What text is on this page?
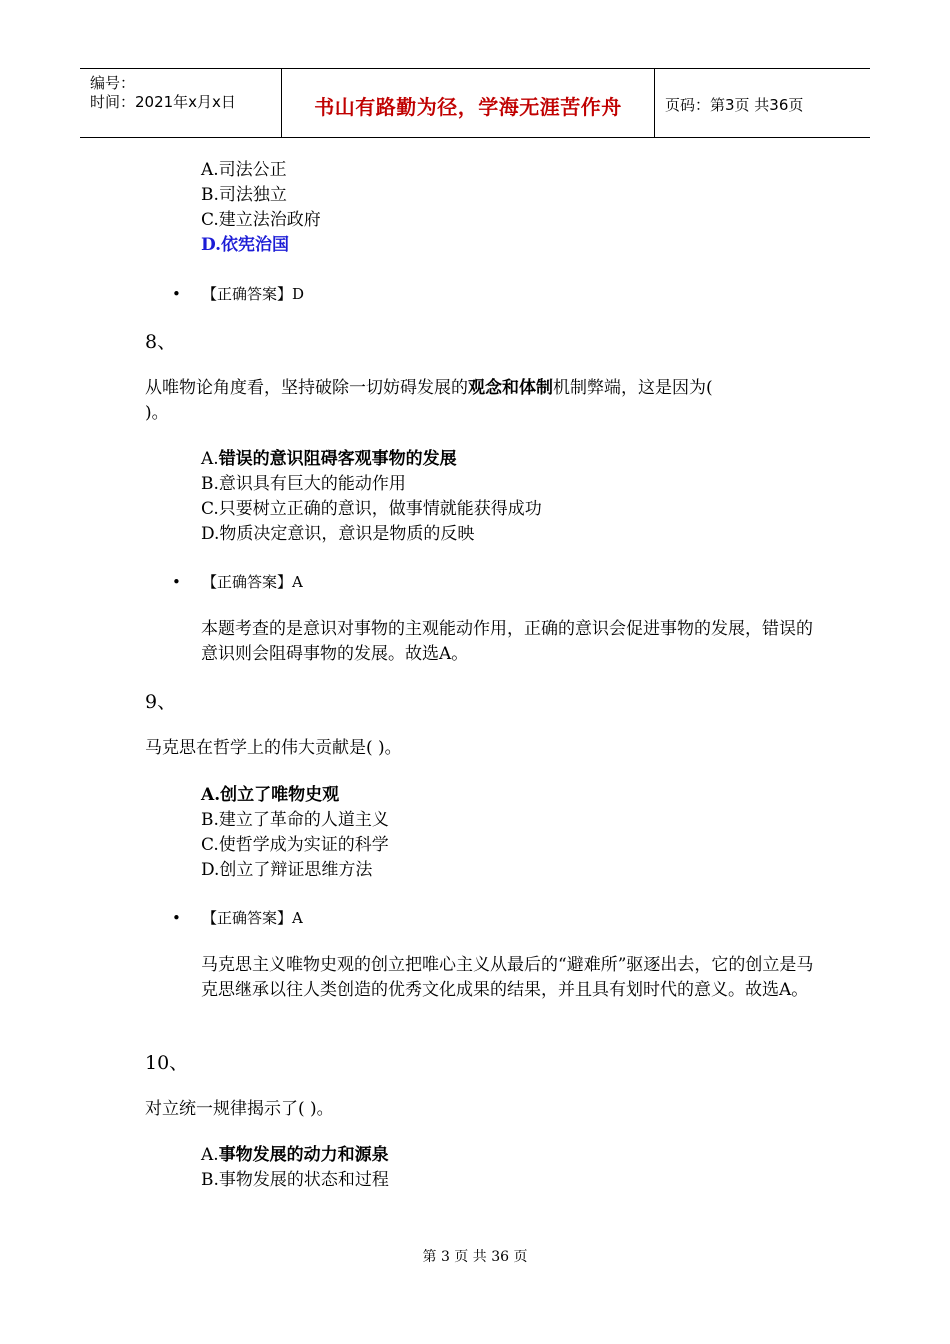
编号：
时间：2021年x月x日	书山有路勤为径，学海无涯苦作舟	页码：第3页 共36页
A.司法公正
B.司法独立
C.建立法治政府
D.依宪治国
• 【正确答案】D
8、
从唯物论角度看，坚持破除一切妨碍发展的观念和体制机制弊端，这是因为(
)。
A.错误的意识阻碍客观事物的发展
B.意识具有巨大的能动作用
C.只要树立正确的意识，做事情就能获得成功
D.物质决定意识，意识是物质的反映
• 【正确答案】A
本题考查的是意识对事物的主观能动作用，正确的意识会促进事物的发展，错误的意识则会阻碍事物的发展。故选A。
9、
马克思在哲学上的伟大贡献是( )。
A.创立了唯物史观
B.建立了革命的人道主义
C.使哲学成为实证的科学
D.创立了辩证思维方法
• 【正确答案】A
马克思主义唯物史观的创立把唯心主义从最后的“避难所”驱逐出去，它的创立是马克思继承以往人类创造的优秀文化成果的结果，并且具有划时代的意义。故选A。
10、
对立统一规律揭示了( )。
A.事物发展的动力和源泉
B.事物发展的状态和过程
第 3 页 共 36 页
